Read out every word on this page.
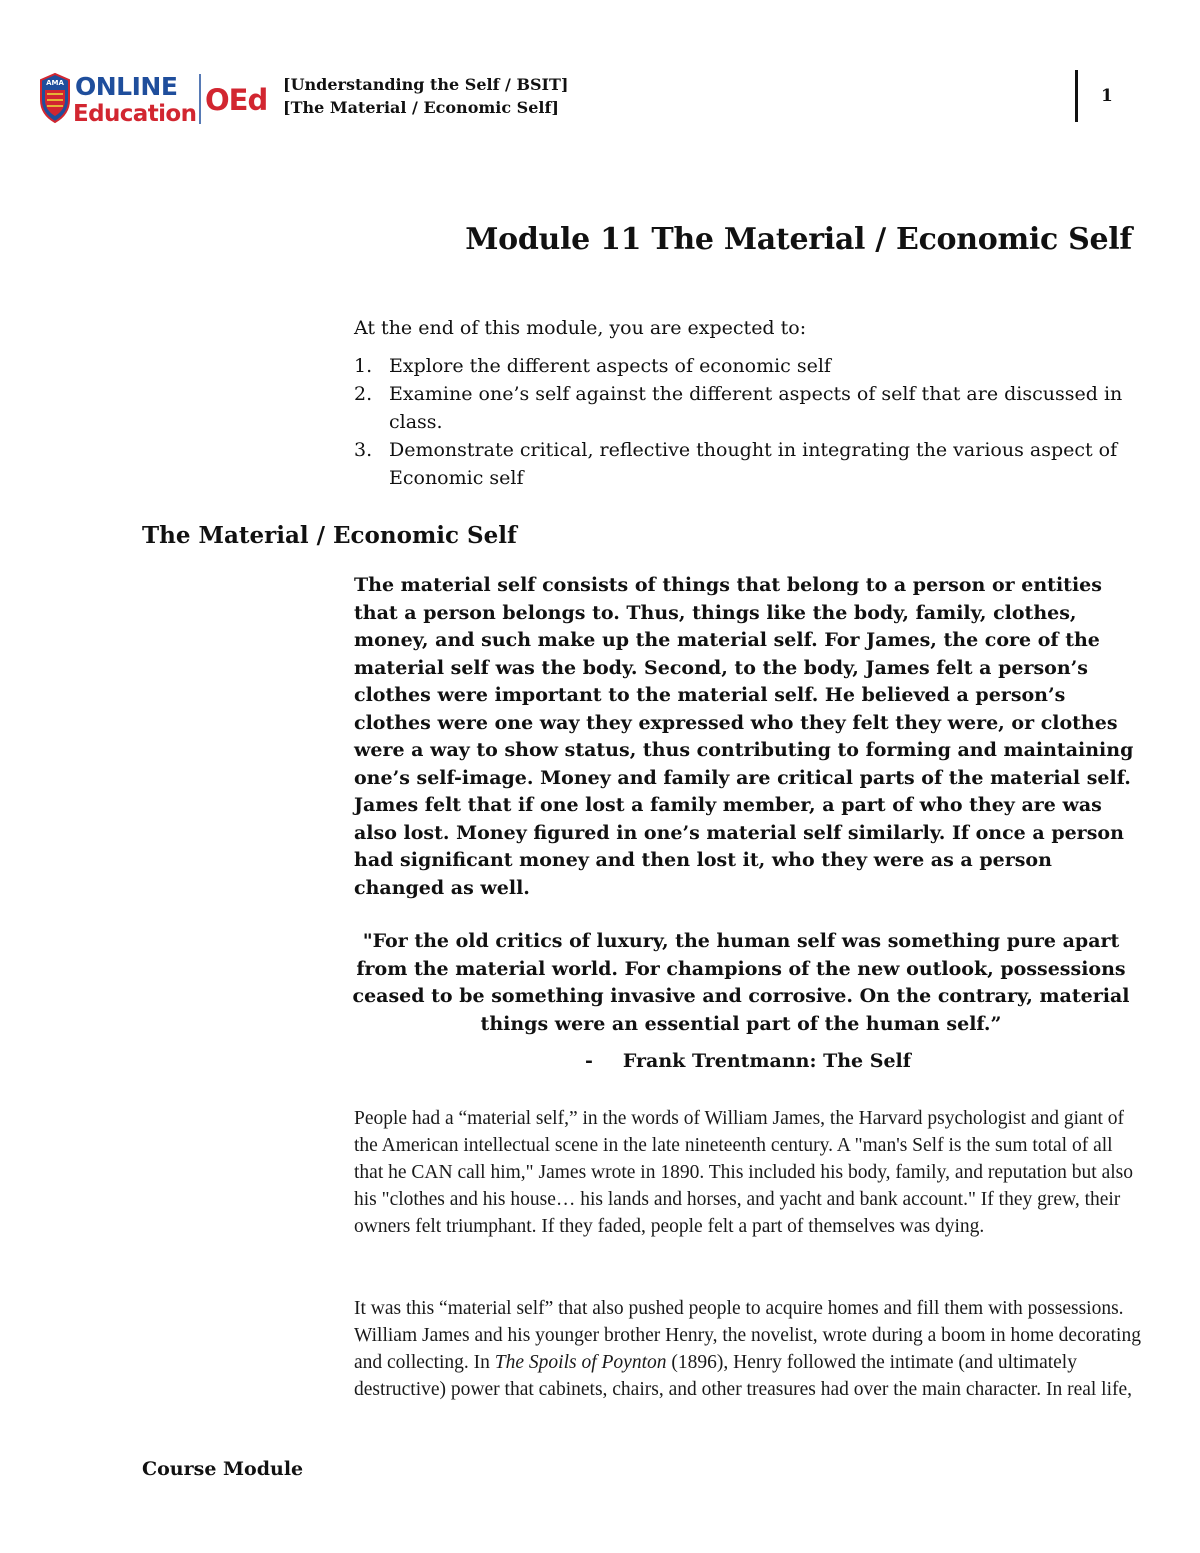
AMA ONLINE
Education OEd [Understanding the Self / BSIT]
[The Material / Economic Self]
1
Module 11 The Material / Economic Self
At the end of this module, you are expected to:
1. Explore the different aspects of economic self
2. Examine one’s self against the different aspects of self that are discussed in class.
3. Demonstrate critical, reflective thought in integrating the various aspect of Economic self
The Material / Economic Self

The material self consists of things that belong to a person or entities that a person belongs to. Thus, things like the body, family, clothes, money, and such make up the material self. For James, the core of the material self was the body. Second, to the body, James felt a person’s clothes were important to the material self. He believed a person’s clothes were one way they expressed who they felt they were, or clothes were a way to show status, thus contributing to forming and maintaining one’s self-image. Money and family are critical parts of the material self. James felt that if one lost a family member, a part of who they are was also lost. Money figured in one’s material self similarly. If once a person had significant money and then lost it, who they were as a person changed as well.

"For the old critics of luxury, the human self was something pure apart from the material world. For champions of the new outlook, possessions ceased to be something invasive and corrosive. On the contrary, material things were an essential part of the human self.”

- Frank Trentmann: The Self

People had a “material self,” in the words of William James, the Harvard psychologist and giant of the American intellectual scene in the late nineteenth century. A "man's Self is the sum total of all that he CAN call him," James wrote in 1890. This included his body, family, and reputation but also his "clothes and his house… his lands and horses, and yacht and bank account." If they grew, their owners felt triumphant. If they faded, people felt a part of themselves was dying.

It was this “material self” that also pushed people to acquire homes and fill them with possessions. William James and his younger brother Henry, the novelist, wrote during a boom in home decorating and collecting. In The Spoils of Poynton (1896), Henry followed the intimate (and ultimately destructive) power that cabinets, chairs, and other treasures had over the main character. In real life,

Course Module
